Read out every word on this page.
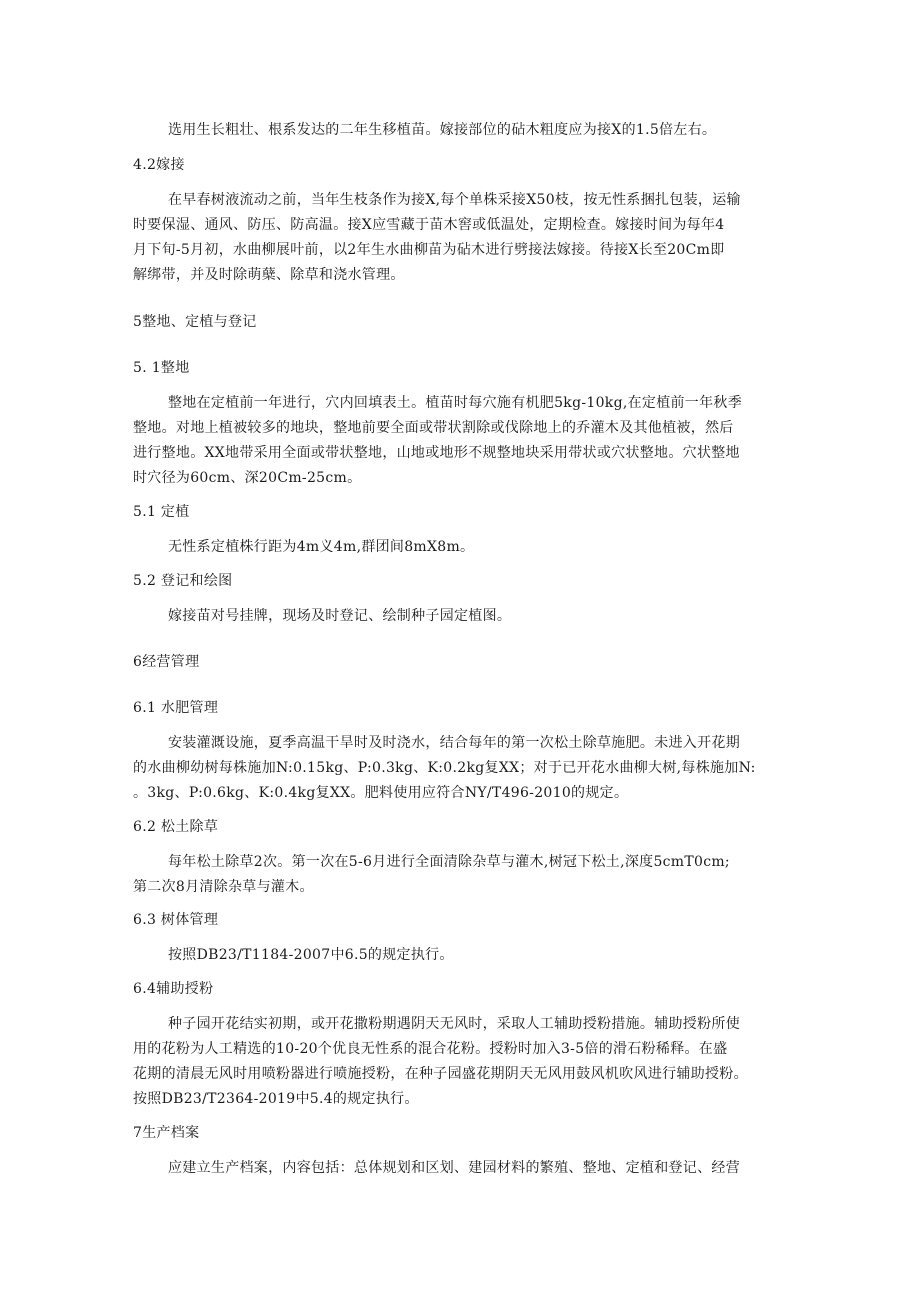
选用生长粗壮、根系发达的二年生移植苗。嫁接部位的砧木粗度应为接X的1.5倍左右。
4.2嫁接
在早春树液流动之前，当年生枝条作为接X,每个单株采接X50枝，按无性系捆扎包装，运输
时要保湿、通风、防压、防高温。接X应雪藏于苗木窖或低温处，定期检查。嫁接时间为每年4
月下旬-5月初，水曲柳展叶前，以2年生水曲柳苗为砧木进行劈接法嫁接。待接X长至20Cm即
解绑带，并及时除萌蘖、除草和浇水管理。
5整地、定植与登记
5. 1整地
整地在定植前一年进行，穴内回填表土。植苗时每穴施有机肥5kg-10kg,在定植前一年秋季
整地。对地上植被较多的地块，整地前要全面或带状割除或伐除地上的乔灌木及其他植被，然后
进行整地。XX地带采用全面或带状整地，山地或地形不规整地块采用带状或穴状整地。穴状整地
时穴径为60cm、深20Cm-25cm。
5.1 定植
无性系定植株行距为4m义4m,群团间8mX8m。
5.2 登记和绘图
嫁接苗对号挂牌，现场及时登记、绘制种子园定植图。
6经营管理
6.1 水肥管理
安装灌溉设施，夏季高温干旱时及时浇水，结合每年的第一次松土除草施肥。未进入开花期
的水曲柳幼树每株施加N:0.15kg、P:0.3kg、K:0.2kg复XX；对于已开花水曲柳大树,每株施加N:
。3kg、P:0.6kg、K:0.4kg复XX。肥料使用应符合NY/T496-2010的规定。
6.2 松土除草
每年松土除草2次。第一次在5-6月进行全面清除杂草与灌木,树冠下松土,深度5cmT0cm;
第二次8月清除杂草与灌木。
6.3 树体管理
按照DB23/T1184-2007中6.5的规定执行。
6.4辅助授粉
种子园开花结实初期，或开花撒粉期遇阴天无风时，采取人工辅助授粉措施。辅助授粉所使
用的花粉为人工精选的10-20个优良无性系的混合花粉。授粉时加入3-5倍的滑石粉稀释。在盛
花期的清晨无风时用喷粉器进行喷施授粉，在种子园盛花期阴天无风用鼓风机吹风进行辅助授粉。
按照DB23/T2364-2019中5.4的规定执行。
7生产档案
应建立生产档案，内容包括：总体规划和区划、建园材料的繁殖、整地、定植和登记、经营
